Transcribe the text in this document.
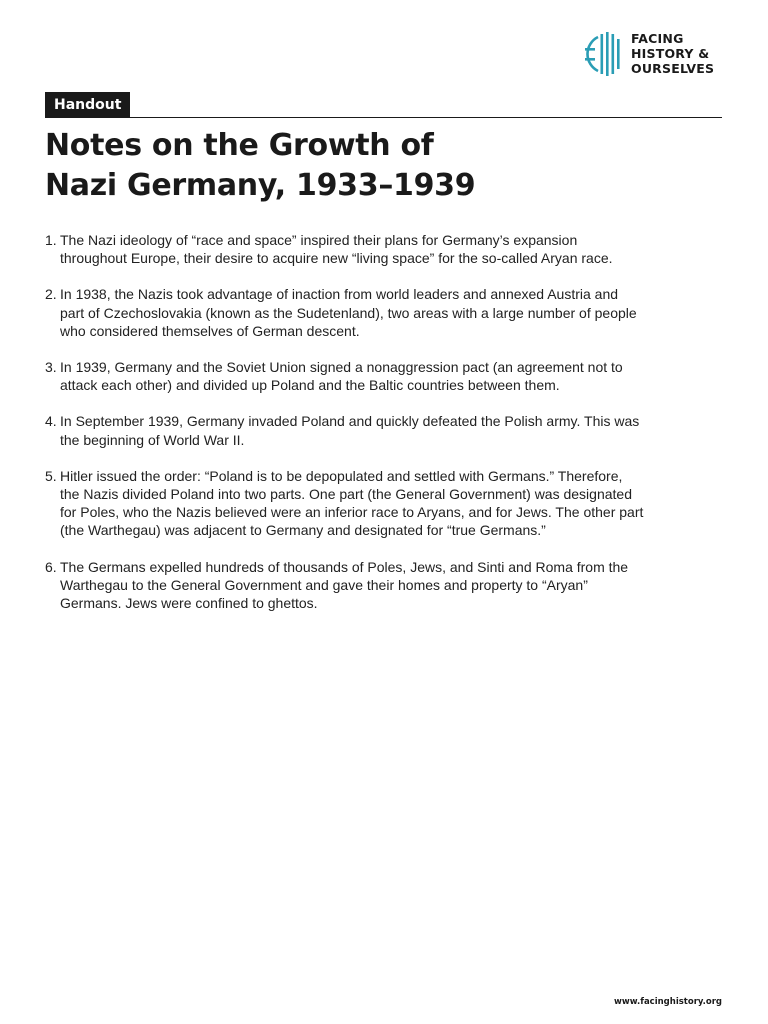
FACING
HISTORY &
OURSELVES
Handout
Notes on the Growth of
Nazi Germany, 1933–1939
1. The Nazi ideology of “race and space” inspired their plans for Germany’s expansion throughout Europe, their desire to acquire new “living space” for the so-called Aryan race.
2. In 1938, the Nazis took advantage of inaction from world leaders and annexed Austria and part of Czechoslovakia (known as the Sudetenland), two areas with a large number of people who considered themselves of German descent.
3. In 1939, Germany and the Soviet Union signed a nonaggression pact (an agreement not to attack each other) and divided up Poland and the Baltic countries between them.
4. In September 1939, Germany invaded Poland and quickly defeated the Polish army. This was the beginning of World War II.
5. Hitler issued the order: “Poland is to be depopulated and settled with Germans.” Therefore, the Nazis divided Poland into two parts. One part (the General Government) was designated for Poles, who the Nazis believed were an inferior race to Aryans, and for Jews. The other part (the Warthegau) was adjacent to Germany and designated for “true Germans.”
6. The Germans expelled hundreds of thousands of Poles, Jews, and Sinti and Roma from the Warthegau to the General Government and gave their homes and property to “Aryan” Germans. Jews were confined to ghettos.
www.facinghistory.org
